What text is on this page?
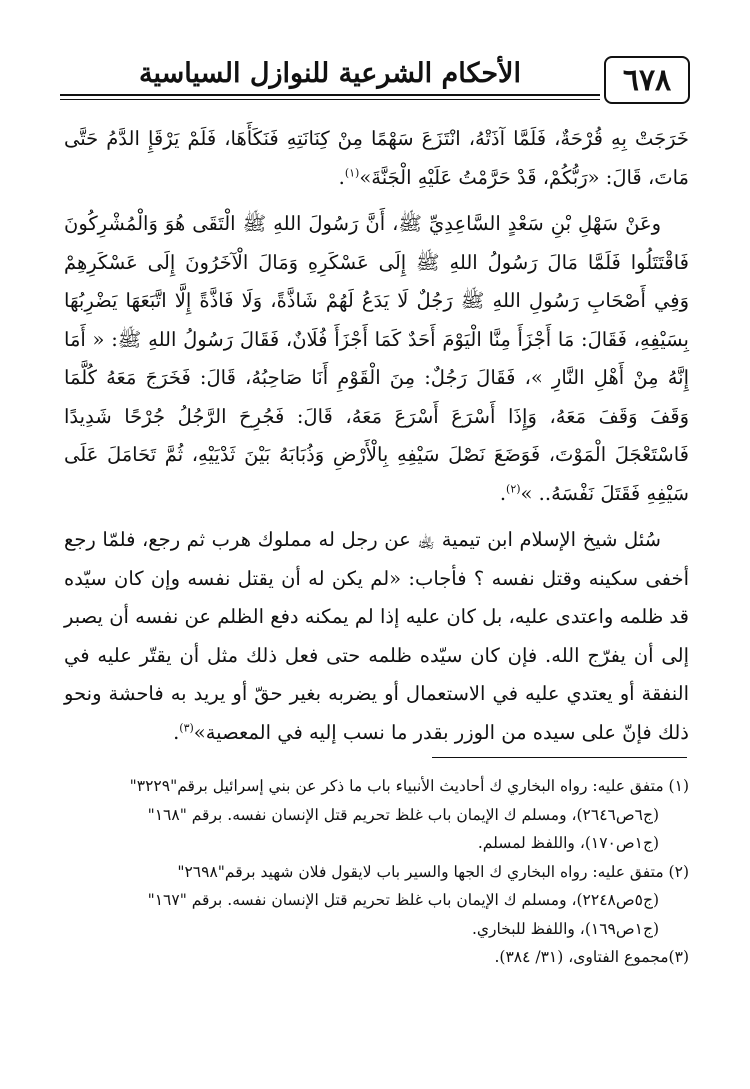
٦٧٨
الأحكام الشرعية للنوازل السياسية

خَرَجَتْ بِهِ قُرْحَةٌ، فَلَمَّا آذَتْهُ، انْتَزَعَ سَهْمًا مِنْ كِنَانَتِهِ فَنَكَأَهَا، فَلَمْ يَرْقَإِ الدَّمُ حَتَّى مَاتَ، قَالَ: «رَبُّكُمْ، قَدْ حَرَّمْتُ عَلَيْهِ الْجَنَّةَ»$^{(١)}$.

وعَنْ سَهْلِ بْنِ سَعْدٍ السَّاعِدِيِّ ﷺ، أَنَّ رَسُولَ اللهِ ﷺ الْتَقَى هُوَ وَالْمُشْرِكُونَ فَاقْتَتَلُوا فَلَمَّا مَالَ رَسُولُ اللهِ ﷺ إِلَى عَسْكَرِهِ وَمَالَ الْآخَرُونَ إِلَى عَسْكَرِهِمْ وَفِي أَصْحَابِ رَسُولِ اللهِ ﷺ رَجُلٌ لَا يَدَعُ لَهُمْ شَاذَّةً، وَلَا فَاذَّةً إِلَّا اتَّبَعَهَا يَضْرِبُهَا بِسَيْفِهِ، فَقَالَ: مَا أَجْزَأَ مِنَّا الْيَوْمَ أَحَدٌ كَمَا أَجْزَأَ فُلَانٌ، فَقَالَ رَسُولُ اللهِ ﷺ: « أَمَا إِنَّهُ مِنْ أَهْلِ النَّارِ »، فَقَالَ رَجُلٌ: مِنَ الْقَوْمِ أَنَا صَاحِبُهُ، قَالَ: فَخَرَجَ مَعَهُ كُلَّمَا وَقَفَ وَقَفَ مَعَهُ، وَإِذَا أَسْرَعَ أَسْرَعَ مَعَهُ، قَالَ: فَجُرِحَ الرَّجُلُ جُرْحًا شَدِيدًا فَاسْتَعْجَلَ الْمَوْتَ، فَوَضَعَ نَصْلَ سَيْفِهِ بِالْأَرْضِ وَذُبَابَهُ بَيْنَ ثَدْيَيْهِ، ثُمَّ تَحَامَلَ عَلَى سَيْفِهِ فَقَتَلَ نَفْسَهُ.. »$^{(٢)}$.

سُئل شيخ الإسلام ابن تيمية ﵀ عن رجل له مملوك هرب ثم رجع، فلمّا رجع أخفى سكينه وقتل نفسه ؟ فأجاب: «لم يكن له أن يقتل نفسه وإن كان سيّده قد ظلمه واعتدى عليه، بل كان عليه إذا لم يمكنه دفع الظلم عن نفسه أن يصبر إلى أن يفرّج الله. فإن كان سيّده ظلمه حتى فعل ذلك مثل أن يقتّر عليه في النفقة أو يعتدي عليه في الاستعمال أو يضربه بغير حقّ أو يريد به فاحشة ونحو ذلك فإنّ على سيده من الوزر بقدر ما نسب إليه في المعصية»$^{(٣)}$.

(١) متفق عليه: رواه البخاري ك أحاديث الأنبياء باب ما ذكر عن بني إسرائيل برقم"٣٢٢٩"

(ج٦ص٢٦٤٦)، ومسلم ك الإيمان باب غلظ تحريم قتل الإنسان نفسه. برقم "١٦٨"

(ج١ص١٧٠)، واللفظ لمسلم.

(٢) متفق عليه: رواه البخاري ك الجها والسير باب لايقول فلان شهيد برقم"٢٦٩٨"

(ج٥ص٢٢٤٨)، ومسلم ك الإيمان باب غلظ تحريم قتل الإنسان نفسه. برقم "١٦٧"

(ج١ص١٦٩)، واللفظ للبخاري.

(٣)مجموع الفتاوى، (٣١/ ٣٨٤).
